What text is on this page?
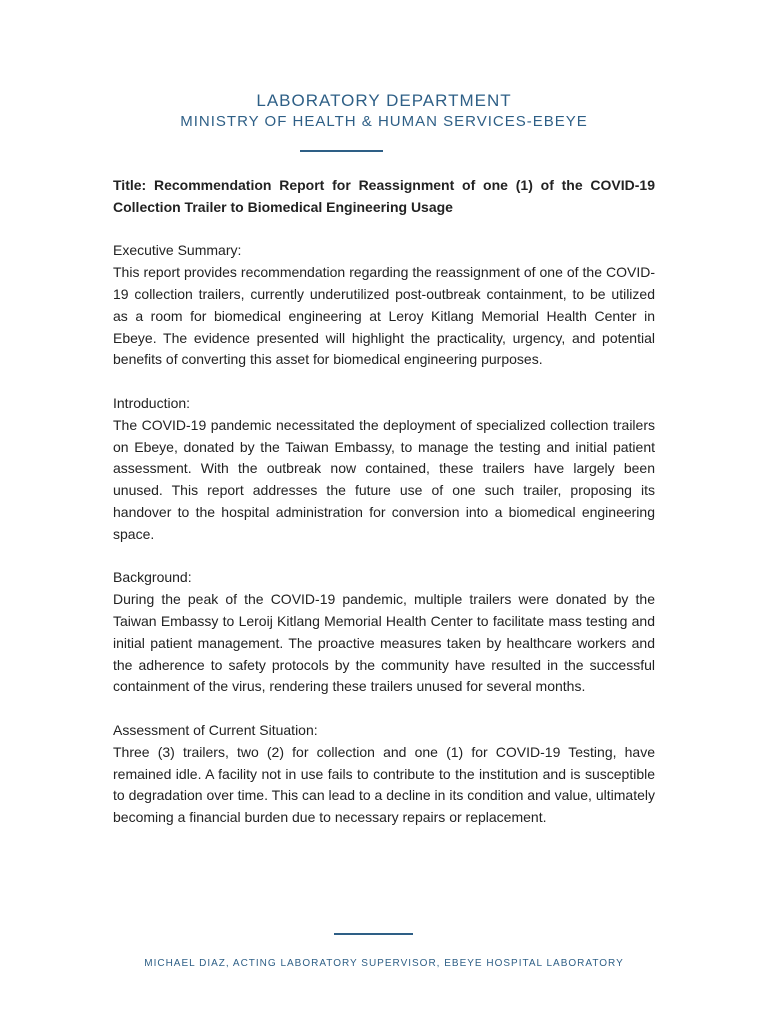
LABORATORY DEPARTMENT
MINISTRY OF HEALTH & HUMAN SERVICES-EBEYE

Title: Recommendation Report for Reassignment of one (1) of the COVID-19 Collection Trailer to Biomedical Engineering Usage

Executive Summary:

This report provides recommendation regarding the reassignment of one of the COVID-19 collection trailers, currently underutilized post-outbreak containment, to be utilized as a room for biomedical engineering at Leroy Kitlang Memorial Health Center in Ebeye. The evidence presented will highlight the practicality, urgency, and potential benefits of converting this asset for biomedical engineering purposes.

Introduction:

The COVID-19 pandemic necessitated the deployment of specialized collection trailers on Ebeye, donated by the Taiwan Embassy, to manage the testing and initial patient assessment. With the outbreak now contained, these trailers have largely been unused. This report addresses the future use of one such trailer, proposing its handover to the hospital administration for conversion into a biomedical engineering space.

Background:

During the peak of the COVID-19 pandemic, multiple trailers were donated by the Taiwan Embassy to Leroij Kitlang Memorial Health Center to facilitate mass testing and initial patient management. The proactive measures taken by healthcare workers and the adherence to safety protocols by the community have resulted in the successful containment of the virus, rendering these trailers unused for several months.

Assessment of Current Situation:

Three (3) trailers, two (2) for collection and one (1) for COVID-19 Testing, have remained idle. A facility not in use fails to contribute to the institution and is susceptible to degradation over time. This can lead to a decline in its condition and value, ultimately becoming a financial burden due to necessary repairs or replacement.

MICHAEL DIAZ, ACTING LABORATORY SUPERVISOR, EBEYE HOSPITAL LABORATORY
